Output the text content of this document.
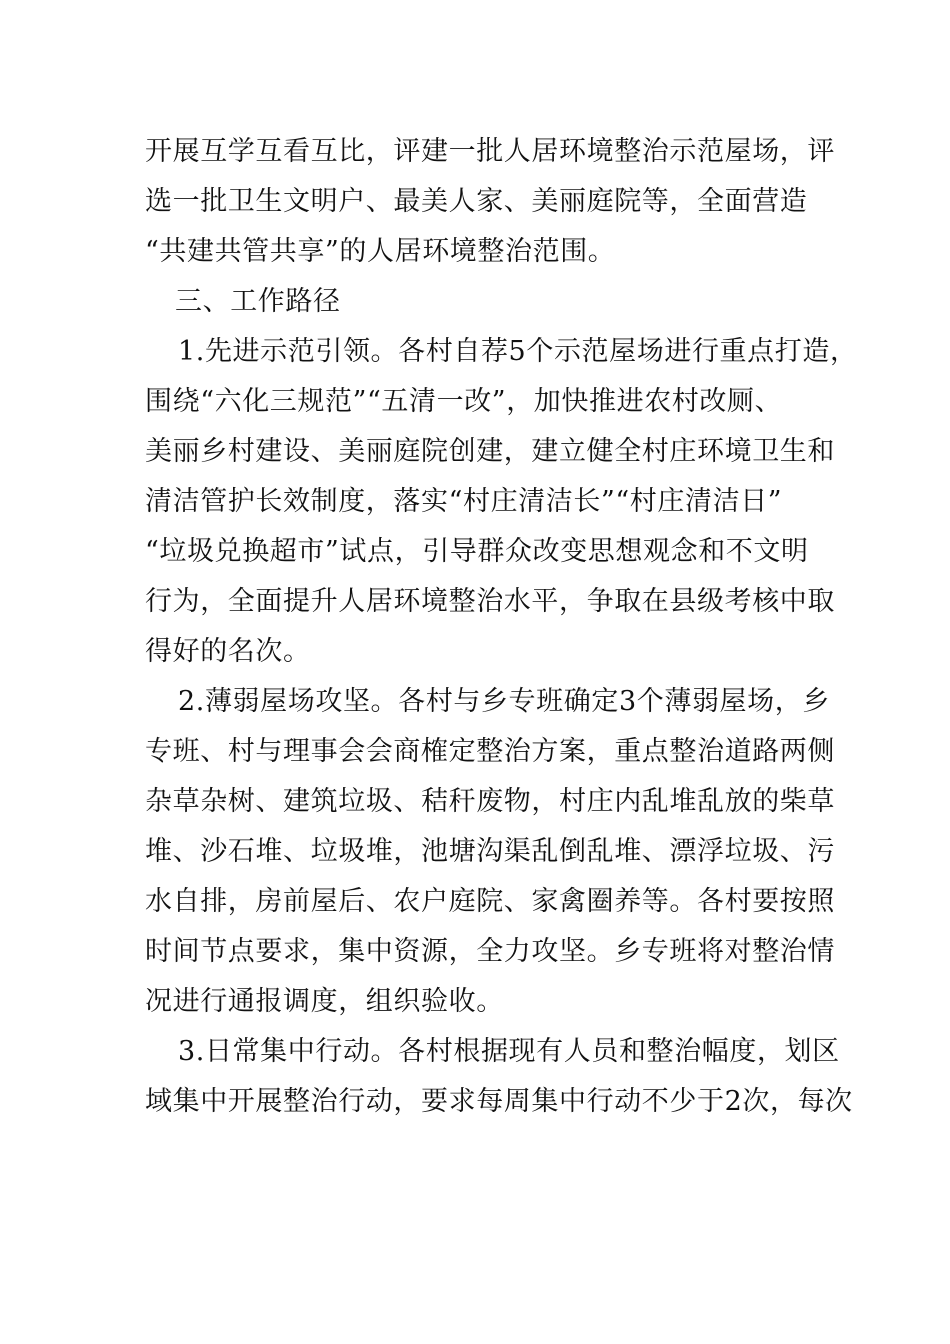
开展互学互看互比，评建一批人居环境整治示范屋场，评
选一批卫生文明户、最美人家、美丽庭院等，全面营造
“共建共管共享”的人居环境整治范围。
三、工作路径
1.先进示范引领。各村自荐5个示范屋场进行重点打造，
围绕“六化三规范”“五清一改”，加快推进农村改厕、
美丽乡村建设、美丽庭院创建，建立健全村庄环境卫生和
清洁管护长效制度，落实“村庄清洁长”“村庄清洁日”
“垃圾兑换超市”试点，引导群众改变思想观念和不文明
行为，全面提升人居环境整治水平，争取在县级考核中取
得好的名次。
2.薄弱屋场攻坚。各村与乡专班确定3个薄弱屋场，乡
专班、村与理事会会商榷定整治方案，重点整治道路两侧
杂草杂树、建筑垃圾、秸秆废物，村庄内乱堆乱放的柴草
堆、沙石堆、垃圾堆，池塘沟渠乱倒乱堆、漂浮垃圾、污
水自排，房前屋后、农户庭院、家禽圈养等。各村要按照
时间节点要求，集中资源，全力攻坚。乡专班将对整治情
况进行通报调度，组织验收。
3.日常集中行动。各村根据现有人员和整治幅度，划区
域集中开展整治行动，要求每周集中行动不少于2次，每次
